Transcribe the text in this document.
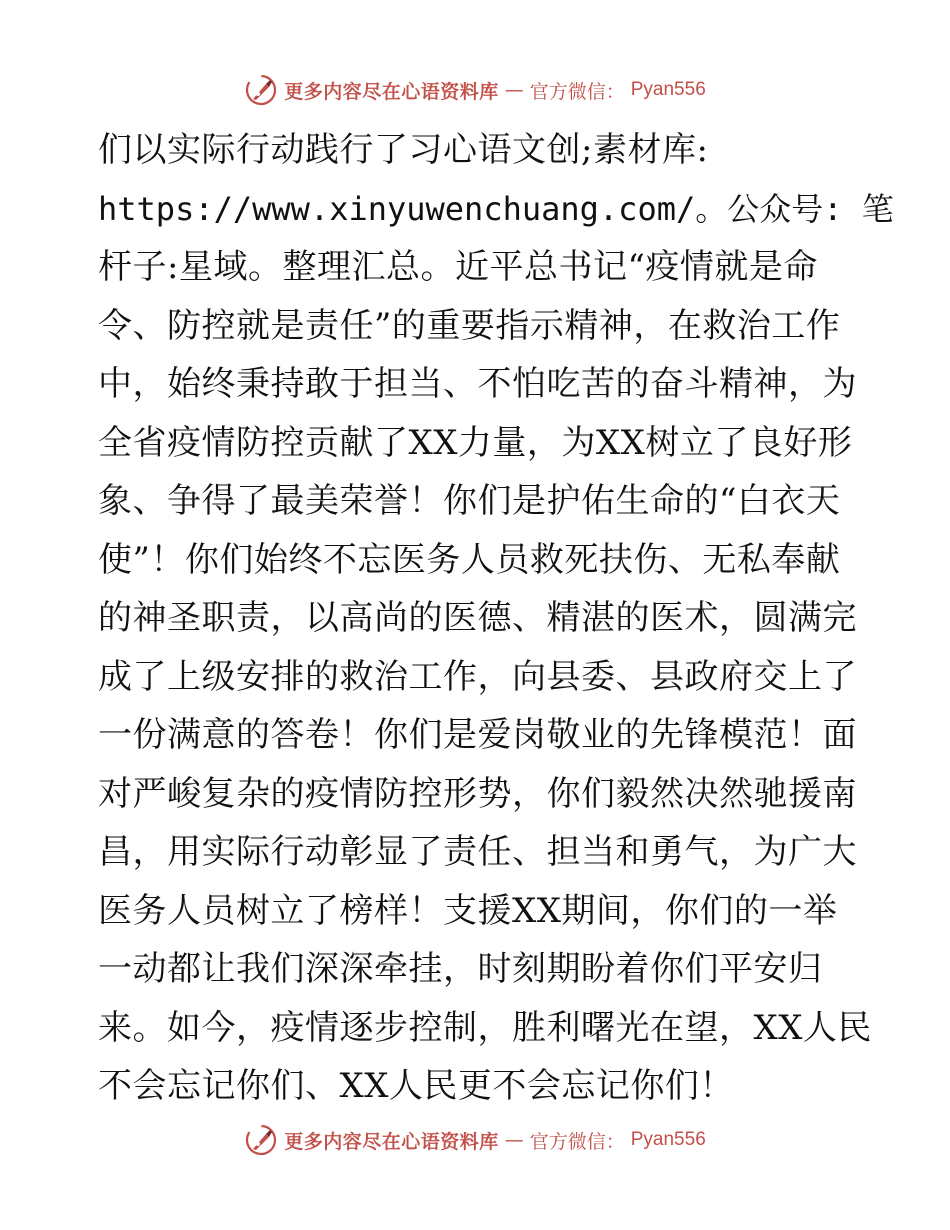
更多内容尽在心语资料库 — 官方微信： Pyan556
们以实际行动践行了习心语文创;素材库:
https://www.xinyuwenchuang.com/。公众号: 笔
杆子:星域。整理汇总。近平总书记“疫情就是命
令、防控就是责任”的重要指示精神，在救治工作
中，始终秉持敢于担当、不怕吃苦的奋斗精神，为
全省疫情防控贡献了XX力量，为XX树立了良好形
象、争得了最美荣誉！你们是护佑生命的“白衣天
使”！你们始终不忘医务人员救死扶伤、无私奉献
的神圣职责，以高尚的医德、精湛的医术，圆满完
成了上级安排的救治工作，向县委、县政府交上了
一份满意的答卷！你们是爱岗敬业的先锋模范！面
对严峻复杂的疫情防控形势，你们毅然决然驰援南
昌，用实际行动彰显了责任、担当和勇气，为广大
医务人员树立了榜样！支援XX期间，你们的一举
一动都让我们深深牵挂，时刻期盼着你们平安归
来。如今，疫情逐步控制，胜利曙光在望，XX人民
不会忘记你们、XX人民更不会忘记你们！
更多内容尽在心语资料库 — 官方微信： Pyan556
